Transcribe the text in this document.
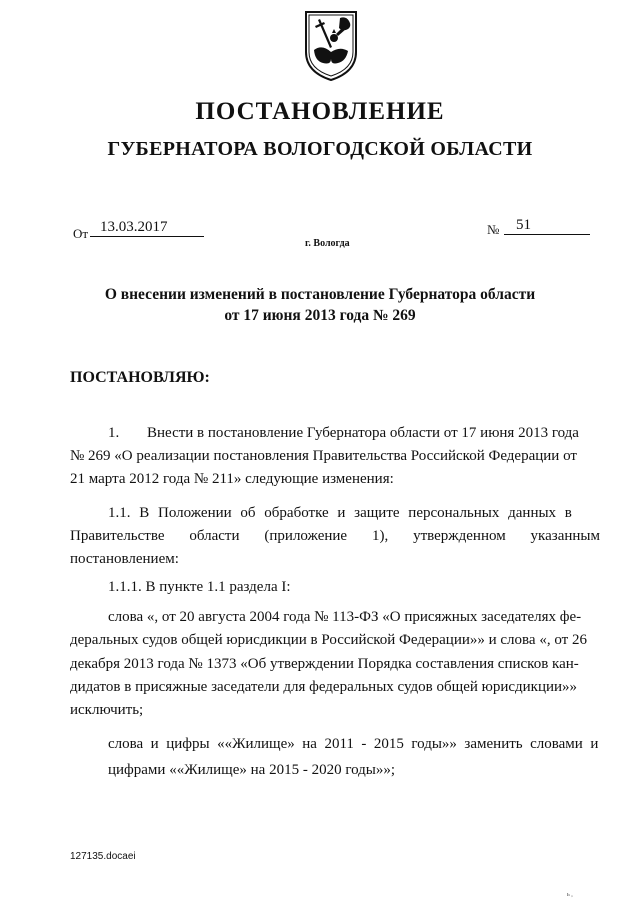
ПОСТАНОВЛЕНИЕ
ГУБЕРНАТОРА ВОЛОГОДСКОЙ ОБЛАСТИ
От 13.03.2017	№	51
г. Вологда
О внесении изменений в постановление Губернатора области
от 17 июня 2013 года № 269
ПОСТАНОВЛЯЮ:
1. Внести в постановление Губернатора области от 17 июня 2013 года
№ 269 «О реализации постановления Правительства Российской Федерации от
21 марта 2012 года № 211» следующие изменения:
1.1. В Положении об обработке и защите персональных данных в
Правительстве области (приложение 1), утвержденном указанным
постановлением:
1.1.1. В пункте 1.1 раздела I:
слова «, от 20 августа 2004 года № 113-ФЗ «О присяжных заседателях фе-
деральных судов общей юрисдикции в Российской Федерации»» и слова «, от 26
декабря 2013 года № 1373 «Об утверждении Порядка составления списков кан-
дидатов в присяжные заседатели для федеральных судов общей юрисдикции»»
исключить;
слова  и  цифры  ««Жилище»  на  2011  -  2015  годы»»  заменить  словами  и
цифрами ««Жилище» на 2015 - 2020 годы»»;
127135.docaei
ь ,
